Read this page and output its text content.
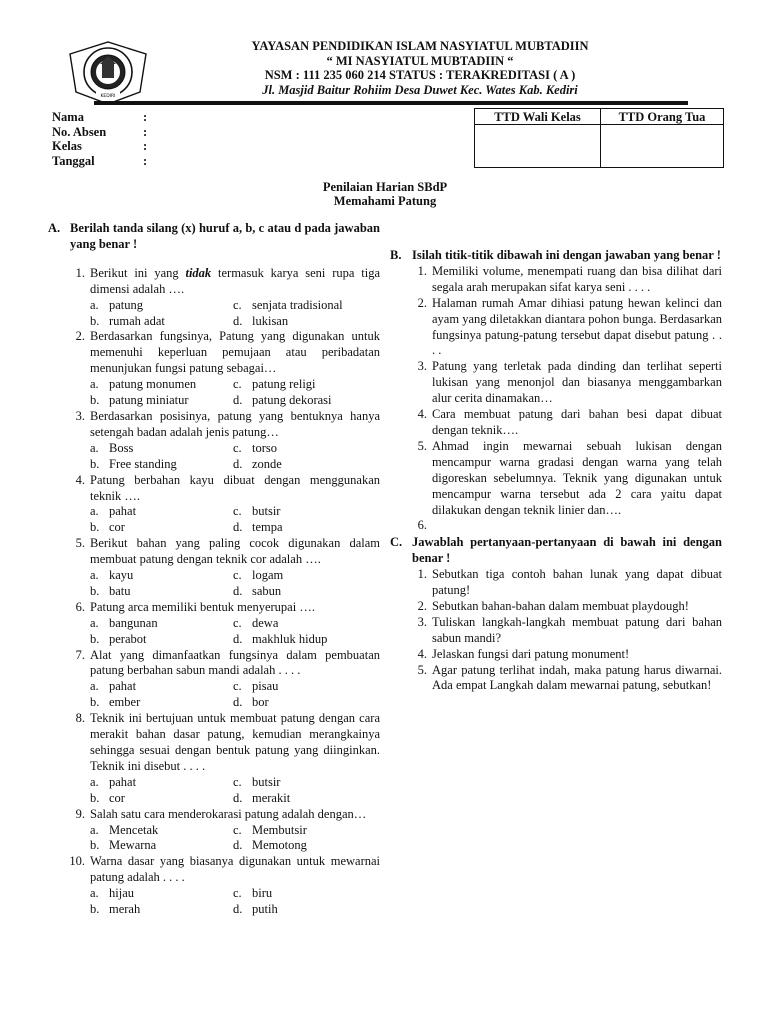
KEDIRI
YAYASAN PENDIDIKAN ISLAM NASYIATUL MUBTADIIN
“ MI NASYIATUL MUBTADIIN “
NSM : 111 235 060 214 STATUS : TERAKREDITASI ( A )
Jl. Masjid Baitur Rohiim Desa Duwet Kec. Wates Kab. Kediri
Nama	:
No. Absen	:
Kelas	:
Tanggal	:
TTD Wali Kelas	TTD Orang Tua
Penilaian Harian SBdP
Memahami Patung
A. Berilah tanda silang (x) huruf a, b, c atau d pada jawaban yang benar !
1. Berikut ini yang tidak termasuk karya seni rupa tiga dimensi adalah ….
a. patung	c. senjata tradisional
b. rumah adat	d. lukisan
2. Berdasarkan fungsinya, Patung yang digunakan untuk memenuhi keperluan pemujaan atau peribadatan menunjukan fungsi patung sebagai…
a. patung monumen	c. patung religi
b. patung miniatur	d. patung dekorasi
3. Berdasarkan posisinya, patung yang bentuknya hanya setengah badan adalah jenis patung…
a. Boss	c. torso
b. Free standing	d. zonde
4. Patung berbahan kayu dibuat dengan menggunakan teknik ….
a. pahat	c. butsir
b. cor	d. tempa
5. Berikut bahan yang paling cocok digunakan dalam membuat patung dengan teknik cor adalah ….
a. kayu	c. logam
b. batu	d. sabun
6. Patung arca memiliki bentuk menyerupai ….
a. bangunan	c. dewa
b. perabot	d. makhluk hidup
7. Alat yang dimanfaatkan fungsinya dalam pembuatan patung berbahan sabun mandi adalah . . . .
a. pahat	c. pisau
b. ember	d. bor
8. Teknik ini bertujuan untuk membuat patung dengan cara merakit bahan dasar patung, kemudian merangkainya sehingga sesuai dengan bentuk patung yang diinginkan. Teknik ini disebut . . . .
a. pahat	c. butsir
b. cor	d. merakit
9. Salah satu cara menderokarasi patung adalah dengan…
a. Mencetak	c. Membutsir
b. Mewarna	d. Memotong
10. Warna dasar yang biasanya digunakan untuk mewarnai patung adalah . . . .
a. hijau	c. biru
b. merah	d. putih
B. Isilah titik-titik dibawah ini dengan jawaban yang benar !
1. Memiliki volume, menempati ruang dan bisa dilihat dari segala arah merupakan sifat karya seni . . . .
2. Halaman rumah Amar dihiasi patung hewan kelinci dan ayam yang diletakkan diantara pohon bunga. Berdasarkan fungsinya patung-patung tersebut dapat disebut patung . . . .
3. Patung yang terletak pada dinding dan terlihat seperti lukisan yang menonjol dan biasanya menggambarkan alur cerita dinamakan…
4. Cara membuat patung dari bahan besi dapat dibuat dengan teknik….
5. Ahmad ingin mewarnai sebuah lukisan dengan mencampur warna gradasi dengan warna yang telah digoreskan sebelumnya. Teknik yang digunakan untuk mencampur warna tersebut ada 2 cara yaitu dapat dilakukan dengan teknik linier dan….
6.
C. Jawablah pertanyaan-pertanyaan di bawah ini dengan benar !
1. Sebutkan tiga contoh bahan lunak yang dapat dibuat patung!
2. Sebutkan bahan-bahan dalam membuat playdough!
3. Tuliskan langkah-langkah membuat patung dari bahan sabun mandi?
4. Jelaskan fungsi dari patung monument!
5. Agar patung terlihat indah, maka patung harus diwarnai. Ada empat Langkah dalam mewarnai patung, sebutkan!
